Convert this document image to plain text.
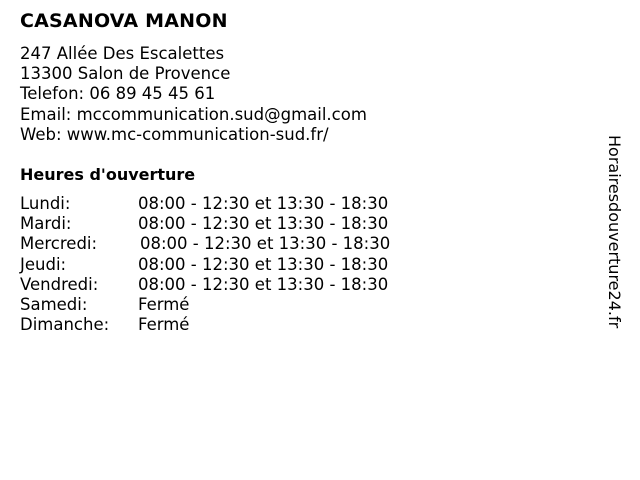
CASANOVA MANON
247 Allée Des Escalettes
13300 Salon de Provence
Telefon: 06 89 45 45 61
Email: mccommunication.sud@gmail.com
Web: www.mc-communication-sud.fr/
Heures d'ouverture
Lundi:	08:00 - 12:30 et 13:30 - 18:30
Mardi:	08:00 - 12:30 et 13:30 - 18:30
Mercredi:	08:00 - 12:30 et 13:30 - 18:30
Jeudi:	08:00 - 12:30 et 13:30 - 18:30
Vendredi: 08:00 - 12:30 et 13:30 - 18:30
Samedi:	Fermé
Dimanche: Fermé	Horairesdouverture24.fr
